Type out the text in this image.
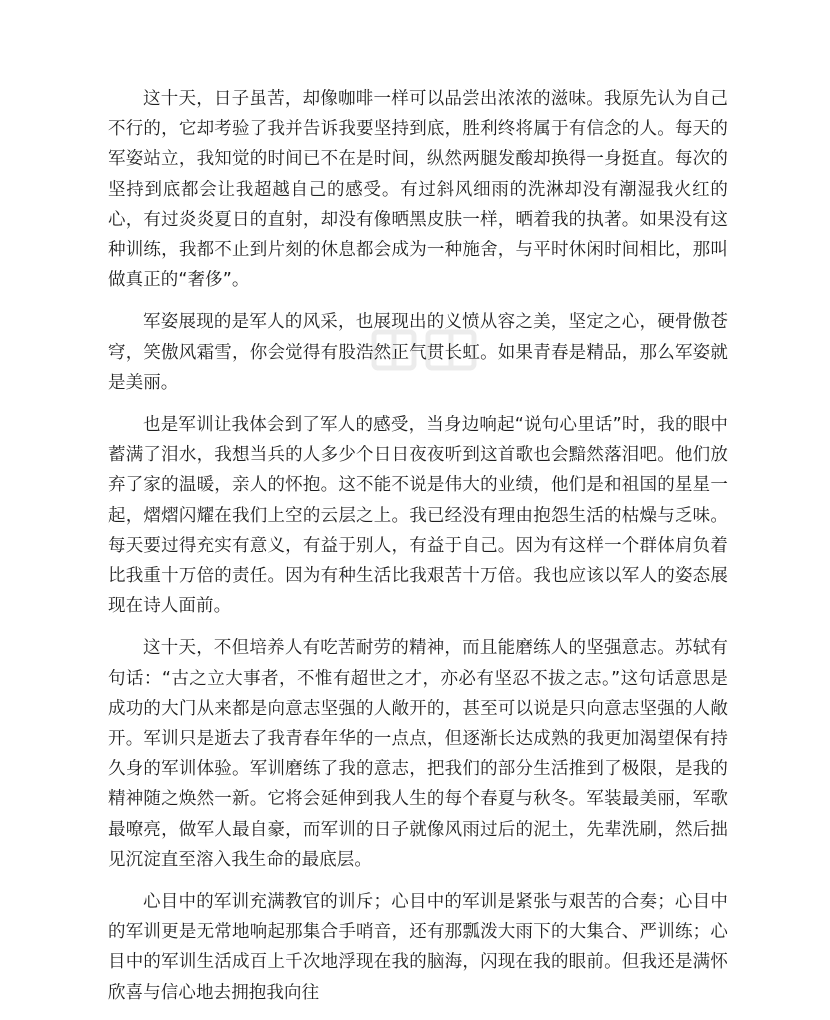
这十天，日子虽苦，却像咖啡一样可以品尝出浓浓的滋味。我原先认为自己不行的，它却考验了我并告诉我要坚持到底，胜利终将属于有信念的人。每天的军姿站立，我知觉的时间已不在是时间，纵然两腿发酸却换得一身挺直。每次的坚持到底都会让我超越自己的感受。有过斜风细雨的洗淋却没有潮湿我火红的心，有过炎炎夏日的直射，却没有像晒黑皮肤一样，晒着我的执著。如果没有这种训练，我都不止到片刻的休息都会成为一种施舍，与平时休闲时间相比，那叫做真正的“奢侈”。

军姿展现的是军人的风采，也展现出的义愤从容之美，坚定之心，硬骨傲苍穹，笑傲风霜雪，你会觉得有股浩然正气贯长虹。如果青春是精品，那么军姿就是美丽。

也是军训让我体会到了军人的感受，当身边响起“说句心里话”时，我的眼中蓄满了泪水，我想当兵的人多少个日日夜夜听到这首歌也会黯然落泪吧。他们放弃了家的温暖，亲人的怀抱。这不能不说是伟大的业绩，他们是和祖国的星星一起，熠熠闪耀在我们上空的云层之上。我已经没有理由抱怨生活的枯燥与乏味。每天要过得充实有意义，有益于别人，有益于自己。因为有这样一个群体肩负着比我重十万倍的责任。因为有种生活比我艰苦十万倍。我也应该以军人的姿态展现在诗人面前。

这十天，不但培养人有吃苦耐劳的精神，而且能磨练人的坚强意志。苏轼有句话：“古之立大事者，不惟有超世之才，亦必有坚忍不拔之志。”这句话意思是成功的大门从来都是向意志坚强的人敞开的，甚至可以说是只向意志坚强的人敞开。军训只是逝去了我青春年华的一点点，但逐渐长达成熟的我更加渴望保有持久身的军训体验。军训磨练了我的意志，把我们的部分生活推到了极限，是我的精神随之焕然一新。它将会延伸到我人生的每个春夏与秋冬。军装最美丽，军歌最嘹亮，做军人最自豪，而军训的日子就像风雨过后的泥土，先辈洗刷，然后拙见沉淀直至溶入我生命的最底层。

心目中的军训充满教官的训斥；心目中的军训是紧张与艰苦的合奏；心目中的军训更是无常地响起那集合手哨音，还有那瓢泼大雨下的大集合、严训练；心目中的军训生活成百上千次地浮现在我的脑海，闪现在我的眼前。但我还是满怀欣喜与信心地去拥抱我向往
